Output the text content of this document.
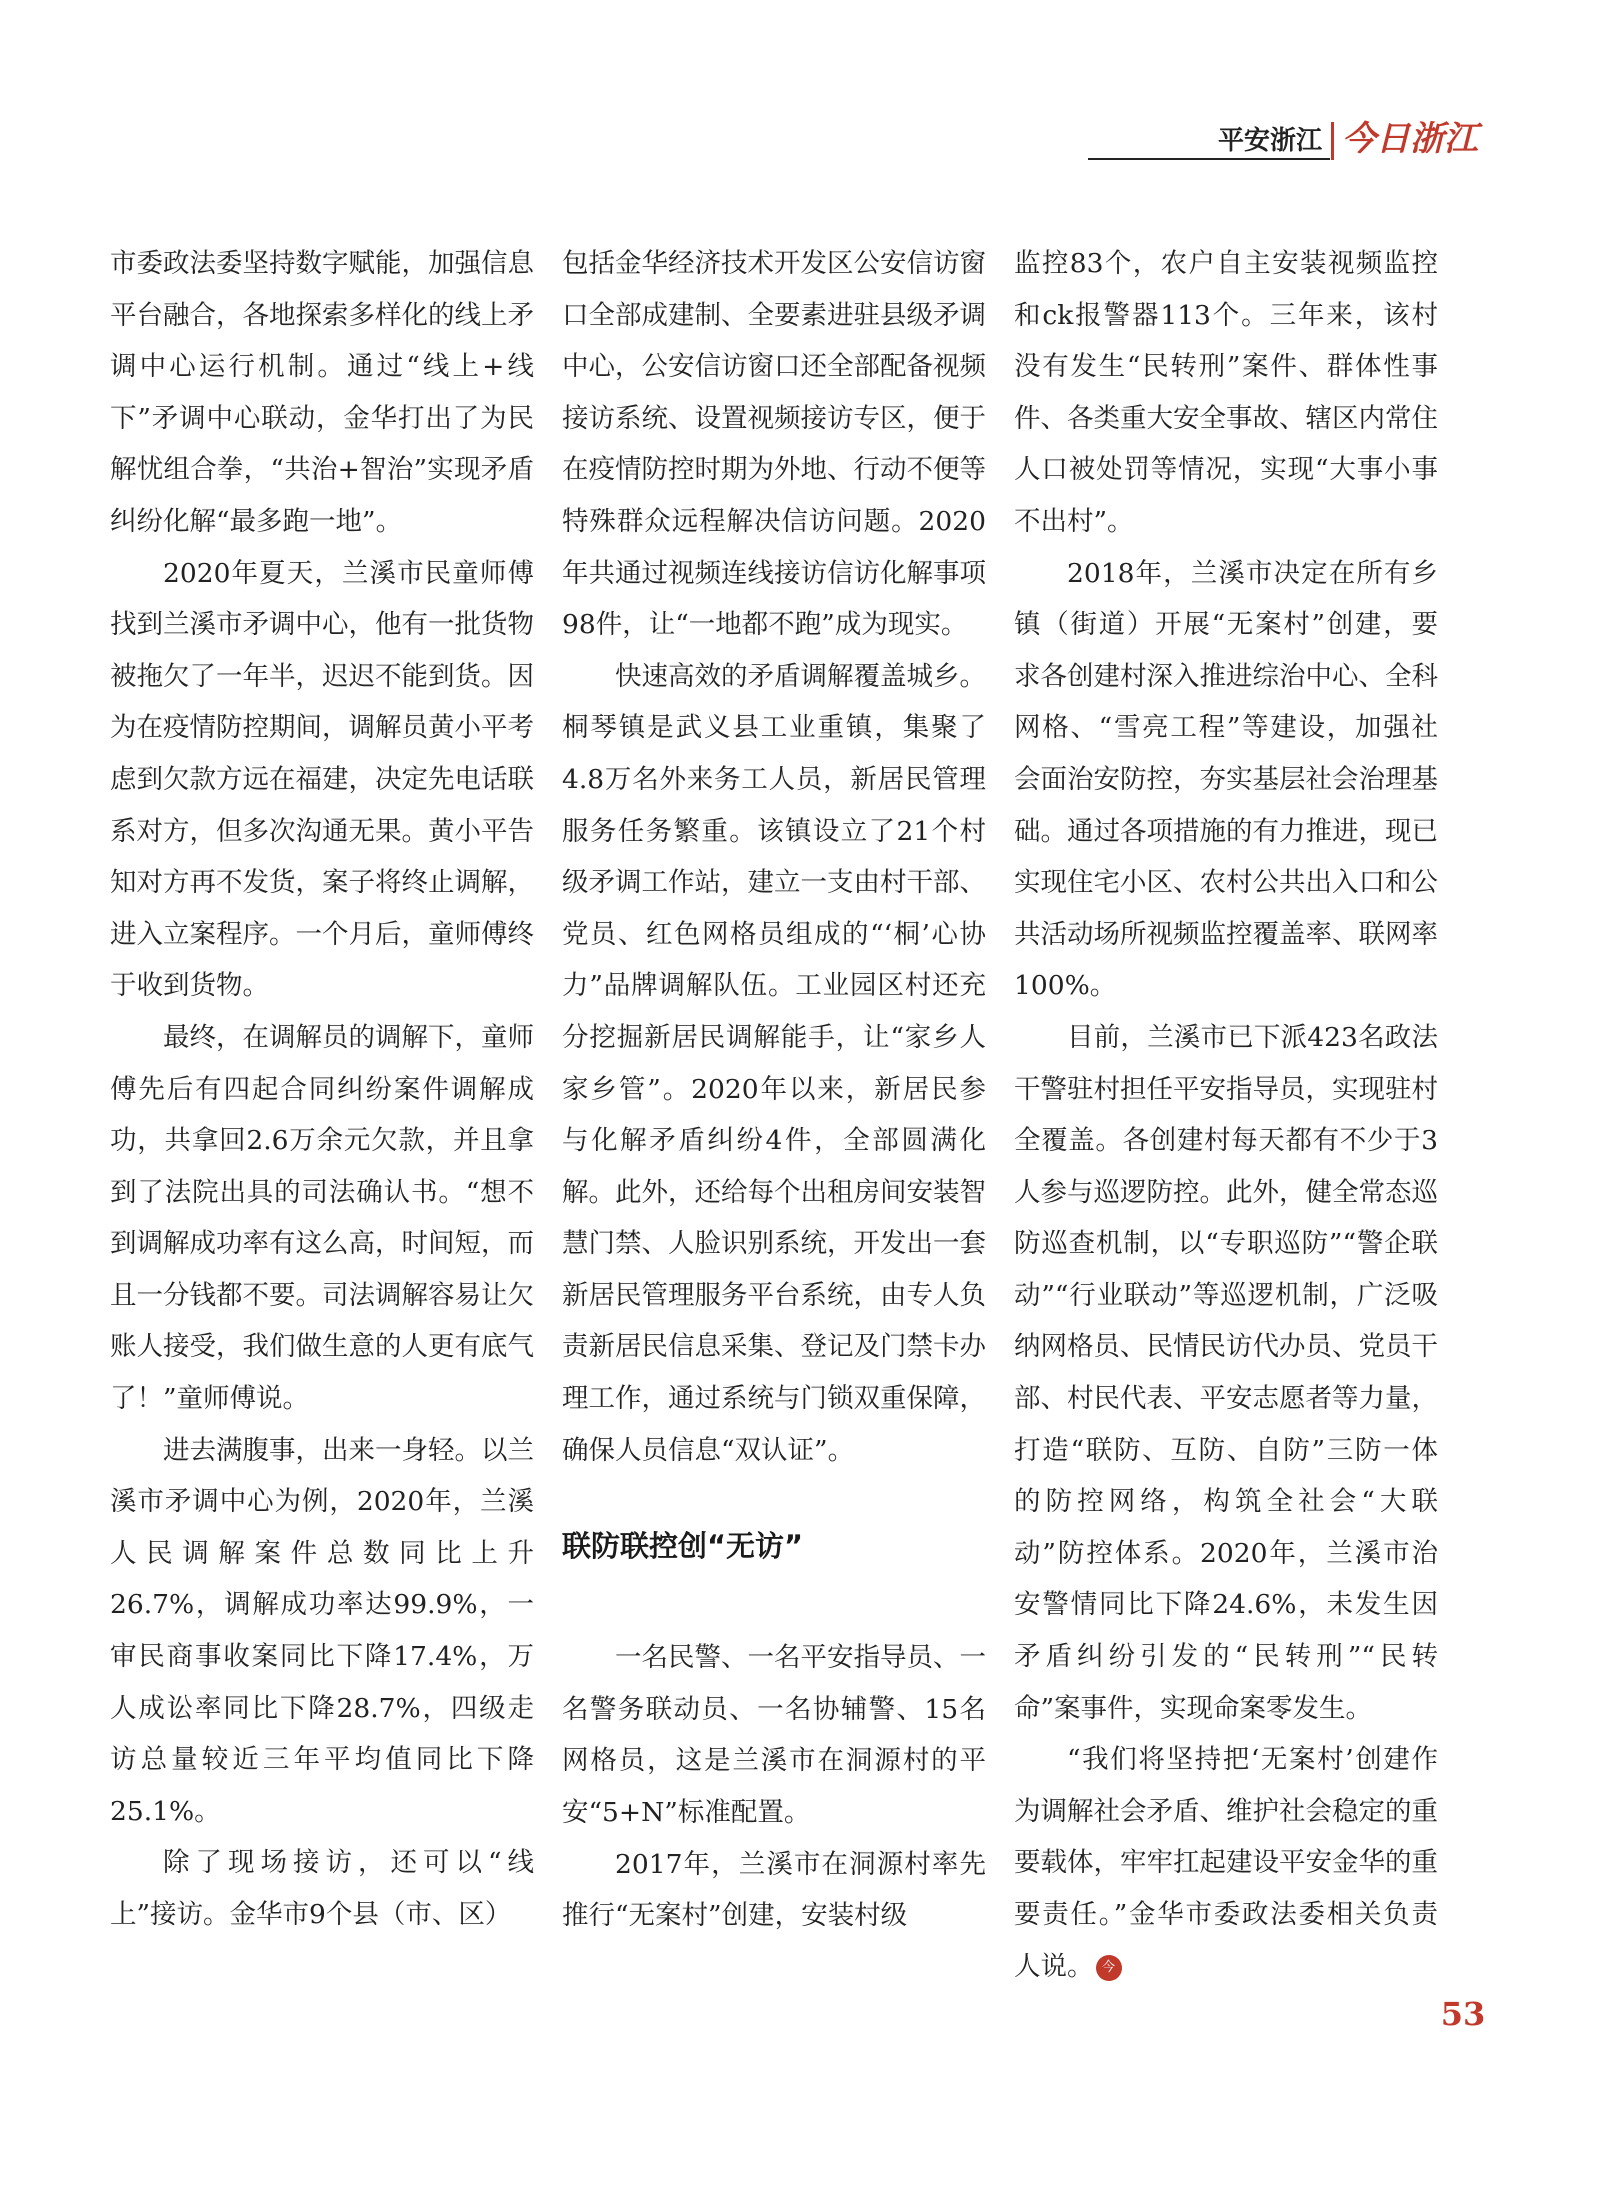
平安浙江 今日浙江

市委政法委坚持数字赋能，加强信息平台融合，各地探索多样化的线上矛调中心运行机制。通过“线上+线下”矛调中心联动，金华打出了为民解忧组合拳，“共治+智治”实现矛盾纠纷化解“最多跑一地”。

2020年夏天，兰溪市民童师傅找到兰溪市矛调中心，他有一批货物被拖欠了一年半，迟迟不能到货。因为在疫情防控期间，调解员黄小平考虑到欠款方远在福建，决定先电话联系对方，但多次沟通无果。黄小平告知对方再不发货，案子将终止调解，进入立案程序。一个月后，童师傅终于收到货物。

最终，在调解员的调解下，童师傅先后有四起合同纠纷案件调解成功，共拿回2.6万余元欠款，并且拿到了法院出具的司法确认书。“想不到调解成功率有这么高，时间短，而且一分钱都不要。司法调解容易让欠账人接受，我们做生意的人更有底气了！”童师傅说。

进去满腹事，出来一身轻。以兰溪市矛调中心为例，2020年，兰溪人民调解案件总数同比上升26.7%，调解成功率达99.9%，一审民商事收案同比下降17.4%，万人成讼率同比下降28.7%，四级走访总量较近三年平均值同比下降25.1%。

除了现场接访，还可以“线上”接访。金华市9个县（市、区）

包括金华经济技术开发区公安信访窗口全部成建制、全要素进驻县级矛调中心，公安信访窗口还全部配备视频接访系统、设置视频接访专区，便于在疫情防控时期为外地、行动不便等特殊群众远程解决信访问题。2020年共通过视频连线接访信访化解事项98件，让“一地都不跑”成为现实。

快速高效的矛盾调解覆盖城乡。桐琴镇是武义县工业重镇，集聚了4.8万名外来务工人员，新居民管理服务任务繁重。该镇设立了21个村级矛调工作站，建立一支由村干部、党员、红色网格员组成的“‘桐’心协力”品牌调解队伍。工业园区村还充分挖掘新居民调解能手，让“家乡人家乡管”。2020年以来，新居民参与化解矛盾纠纷4件，全部圆满化解。此外，还给每个出租房间安装智慧门禁、人脸识别系统，开发出一套新居民管理服务平台系统，由专人负责新居民信息采集、登记及门禁卡办理工作，通过系统与门锁双重保障，确保人员信息“双认证”。

联防联控创“无访”

一名民警、一名平安指导员、一名警务联动员、一名协辅警、15名网格员，这是兰溪市在洞源村的平安“5+N”标准配置。

2017年，兰溪市在洞源村率先推行“无案村”创建，安装村级

监控83个，农户自主安装视频监控和ck报警器113个。三年来，该村没有发生“民转刑”案件、群体性事件、各类重大安全事故、辖区内常住人口被处罚等情况，实现“大事小事不出村”。

2018年，兰溪市决定在所有乡镇（街道）开展“无案村”创建，要求各创建村深入推进综治中心、全科网格、“雪亮工程”等建设，加强社会面治安防控，夯实基层社会治理基础。通过各项措施的有力推进，现已实现住宅小区、农村公共出入口和公共活动场所视频监控覆盖率、联网率100%。

目前，兰溪市已下派423名政法干警驻村担任平安指导员，实现驻村全覆盖。各创建村每天都有不少于3人参与巡逻防控。此外，健全常态巡防巡查机制，以“专职巡防”“警企联动”“行业联动”等巡逻机制，广泛吸纳网格员、民情民访代办员、党员干部、村民代表、平安志愿者等力量，打造“联防、互防、自防”三防一体的防控网络，构筑全社会“大联动”防控体系。2020年，兰溪市治安警情同比下降24.6%，未发生因矛盾纠纷引发的“民转刑”“民转命”案事件，实现命案零发生。

“我们将坚持把‘无案村’创建作为调解社会矛盾、维护社会稳定的重要载体，牢牢扛起建设平安金华的重要责任。”金华市委政法委相关负责人说。 今

53
